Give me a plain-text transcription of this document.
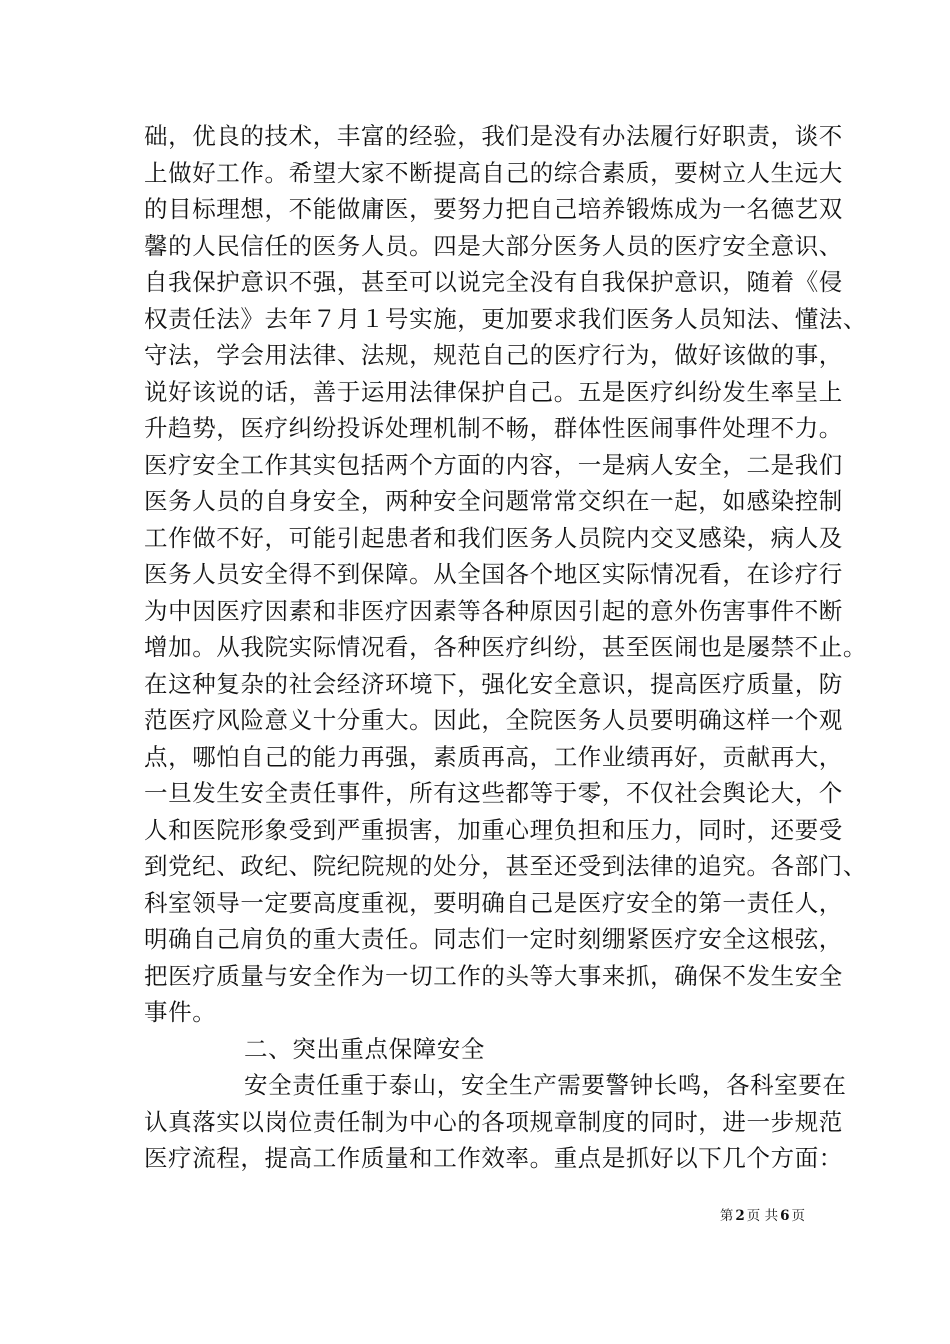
础，优良的技术，丰富的经验，我们是没有办法履行好职责，谈不
上做好工作。希望大家不断提高自己的综合素质，要树立人生远大
的目标理想，不能做庸医，要努力把自己培养锻炼成为一名德艺双
馨的人民信任的医务人员。四是大部分医务人员的医疗安全意识、
自我保护意识不强，甚至可以说完全没有自我保护意识，随着《侵
权责任法》去年７月１号实施，更加要求我们医务人员知法、懂法、
守法，学会用法律、法规，规范自己的医疗行为，做好该做的事，
说好该说的话，善于运用法律保护自己。五是医疗纠纷发生率呈上
升趋势，医疗纠纷投诉处理机制不畅，群体性医闹事件处理不力。
医疗安全工作其实包括两个方面的内容，一是病人安全，二是我们
医务人员的自身安全，两种安全问题常常交织在一起，如感染控制
工作做不好，可能引起患者和我们医务人员院内交叉感染，病人及
医务人员安全得不到保障。从全国各个地区实际情况看，在诊疗行
为中因医疗因素和非医疗因素等各种原因引起的意外伤害事件不断
增加。从我院实际情况看，各种医疗纠纷，甚至医闹也是屡禁不止。
在这种复杂的社会经济环境下，强化安全意识，提高医疗质量，防
范医疗风险意义十分重大。因此，全院医务人员要明确这样一个观
点，哪怕自己的能力再强，素质再高，工作业绩再好，贡献再大，
一旦发生安全责任事件，所有这些都等于零，不仅社会舆论大，个
人和医院形象受到严重损害，加重心理负担和压力，同时，还要受
到党纪、政纪、院纪院规的处分，甚至还受到法律的追究。各部门、
科室领导一定要高度重视，要明确自己是医疗安全的第一责任人，
明确自己肩负的重大责任。同志们一定时刻绷紧医疗安全这根弦，
把医疗质量与安全作为一切工作的头等大事来抓，确保不发生安全
事件。
二、突出重点保障安全
安全责任重于泰山，安全生产需要警钟长鸣，各科室要在
认真落实以岗位责任制为中心的各项规章制度的同时，进一步规范
医疗流程，提高工作质量和工作效率。重点是抓好以下几个方面：
第 2 页 共 6 页
